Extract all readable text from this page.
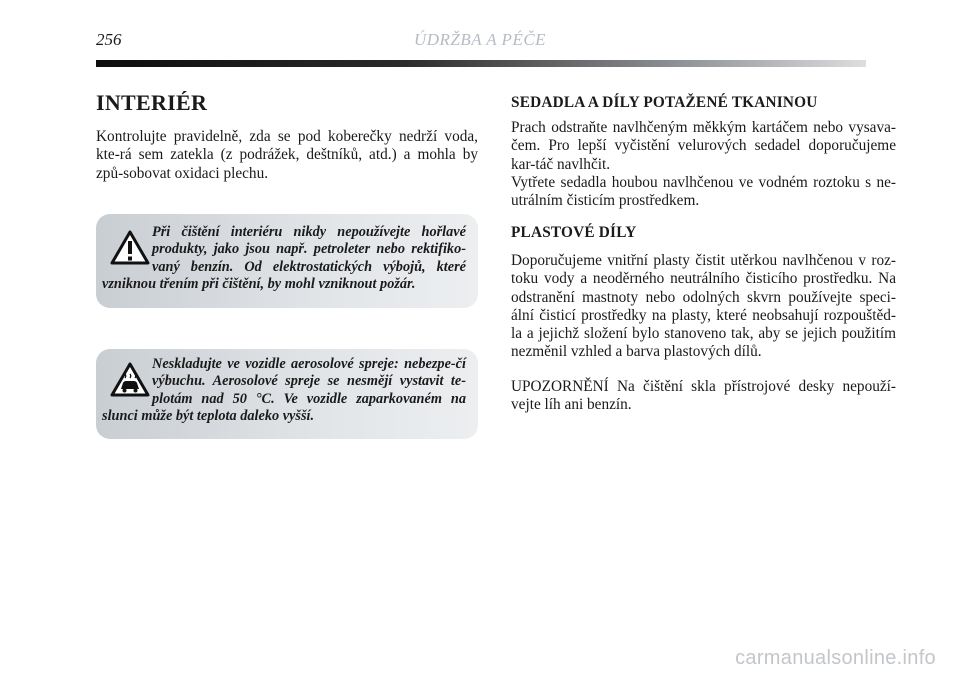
256	ÚDRŽBA A PÉČE
INTERIÉR

Kontrolujte pravidelně, zda se pod koberečky nedrží voda, kte-rá sem zatekla (z podrážek, deštníků, atd.) a mohla by způ-sobovat oxidaci plechu.

Při čištění interiéru nikdy nepoužívejte hořlavé produkty, jako jsou např. petroleter nebo rektifiko-vaný benzín. Od elektrostatických výbojů, které vzniknou třením při čištění, by mohl vzniknout požár.
Neskladujte ve vozidle aerosolové spreje: nebezpe-čí výbuchu. Aerosolové spreje se nesmějí vystavit te-plotám nad 50 °C. Ve vozidle zaparkovaném na slunci může být teplota daleko vyšší.
SEDADLA A DÍLY POTAŽENÉ TKANINOU

Prach odstraňte navlhčeným měkkým kartáčem nebo vysava-čem. Pro lepší vyčistění velurových sedadel doporučujeme kar-táč navlhčit.

Vytřete sedadla houbou navlhčenou ve vodném roztoku s ne-utrálním čisticím prostředkem.

PLASTOVÉ DÍLY

Doporučujeme vnitřní plasty čistit utěrkou navlhčenou v roz-toku vody a neoděrného neutrálního čisticího prostředku. Na odstranění mastnoty nebo odolných skvrn používejte speci-ální čisticí prostředky na plasty, které neobsahují rozpouštěd-la a jejichž složení bylo stanoveno tak, aby se jejich použitím nezměnil vzhled a barva plastových dílů.

UPOZORNĚNÍ Na čištění skla přístrojové desky nepouží-vejte líh ani benzín.

carmanualsonline.info
